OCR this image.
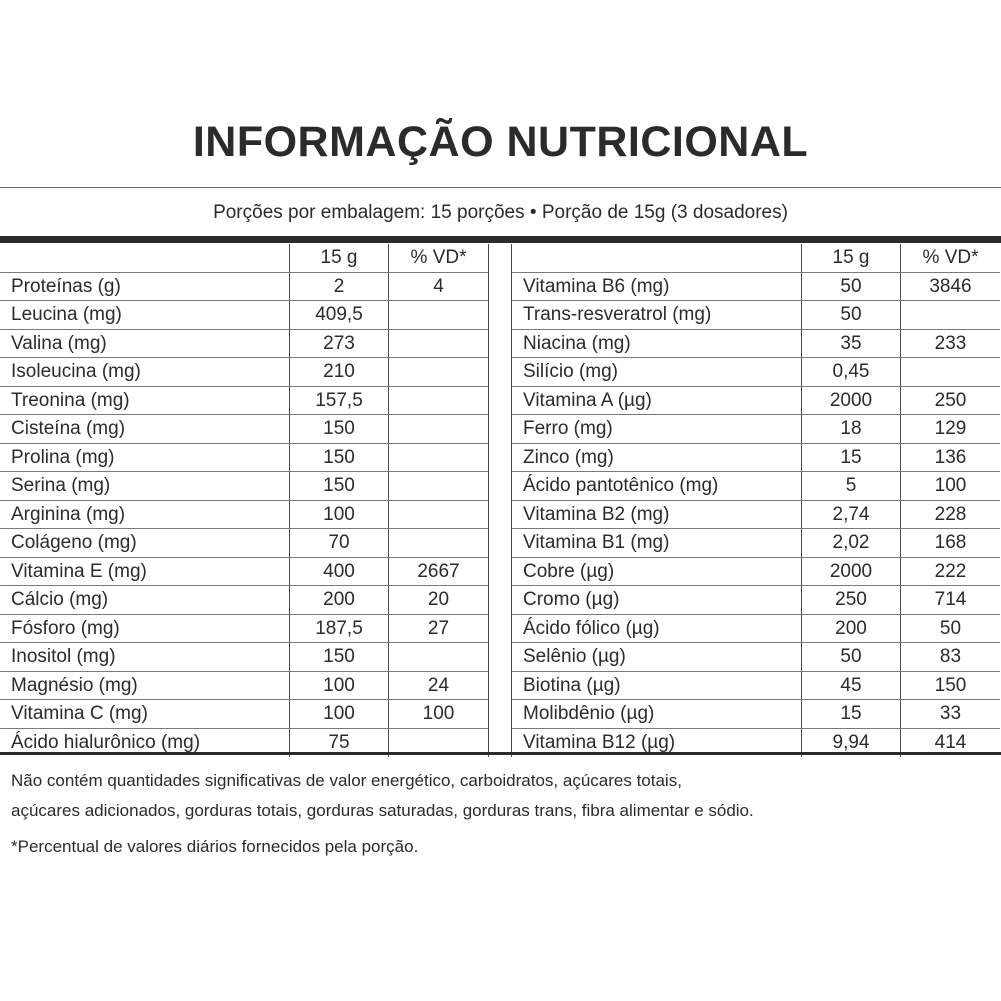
INFORMAÇÃO NUTRICIONAL
Porções por embalagem: 15 porções • Porção de 15g (3 dosadores)
15 g	% VD*
Proteínas (g)	2	4
Leucina (mg)	409,5
Valina (mg)	273
Isoleucina (mg)	210
Treonina (mg)	157,5
Cisteína (mg)	150
Prolina (mg)	150
Serina (mg)	150
Arginina (mg)	100
Colágeno (mg)	70
Vitamina E (mg)	400	2667
Cálcio (mg)	200	20
Fósforo (mg)	187,5	27
Inositol (mg)	150
Magnésio (mg)	100	24
Vitamina C (mg)	100	100
Ácido hialurônico (mg)	75
15 g	% VD*
Vitamina B6 (mg)	50	3846
Trans-resveratrol (mg)	50
Niacina (mg)	35	233
Silício (mg)	0,45
Vitamina A (µg)	2000	250
Ferro (mg)	18	129
Zinco (mg)	15	136
Ácido pantotênico (mg)	5	100
Vitamina B2 (mg)	2,74	228
Vitamina B1 (mg)	2,02	168
Cobre (µg)	2000	222
Cromo (µg)	250	714
Ácido fólico (µg)	200	50
Selênio (µg)	50	83
Biotina (µg)	45	150
Molibdênio (µg)	15	33
Vitamina B12 (µg)	9,94	414
Não contém quantidades significativas de valor energético, carboidratos, açúcares totais,
açúcares adicionados, gorduras totais, gorduras saturadas, gorduras trans, fibra alimentar e sódio.
*Percentual de valores diários fornecidos pela porção.
